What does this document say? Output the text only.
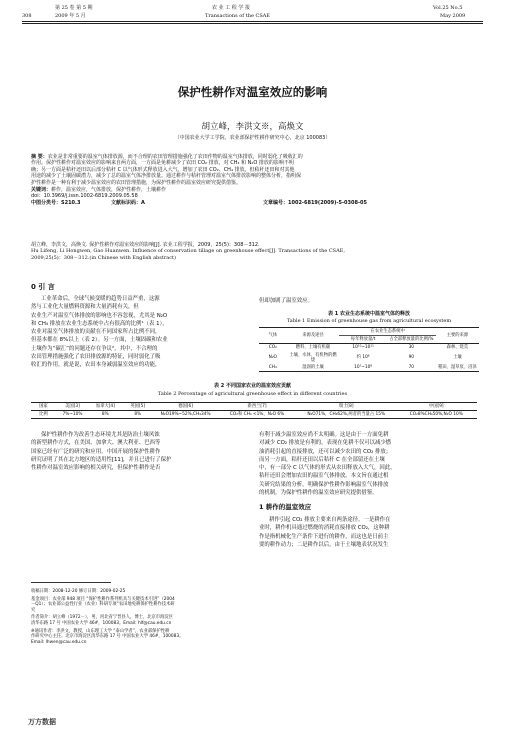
第 25 卷 第 5 期
308	2009 年 5 月
农 业 工 程 学 报
Transactions of the CSAE
Vol.25 No.5
May 2009
保护性耕作对温室效应的影响
胡立峰，李洪文※，高焕文
（中国农业大学工学院、农业部保护性耕作研究中心，北京 100083）
摘 要：农业是非常重要的温室气体排放源，而不合理的农田管理措施强化了农田作物的温室气体排放，同时弱化了吸收汇的
作用。保护性耕作对温室效应的影响来自两方面，一方面是免耕减少了农田 CO₂ 排放，对 CH₄ 和 N₂O 排放的影响不明
确；另一方面是秸秆还田以后部分秸秆 C 以气体形式释放进入大气，增加了农田 CO₂、CH₄ 排放。但秸秆还田和对其他
用途的减少了土壤固碳潜力，减少了总的温室气体净排放量。通过耕作与秸秆管理对温室气体排放影响的整体分析，指明保
护性耕作是一种有利于减少温室效应的农田管理措施，为保护性耕作的温室效应研究提供借鉴。
关键词：耕作，温室效应，气体排放，保护性耕作，土壤耕作
doi：10.3969/j.issn.1002-6819.2009.05.58
中图分类号：S210.3	文献标识码：A	文章编号：1002-6819(2009)-5-0308-05
胡立峰，李洪文，高焕文. 保护性耕作对温室效应的影响[J]. 农业工程学报，2009，25(5)：308－312.
Hu Lifeng, Li Hongwen, Gao Huanwen. Influence of conservation tillage on greenhouse effect[J]. Transactions of the CSAE,
2009,25(5)：308－312.(in Chinese with English abstract)
0 引 言
工业革命后，全球气候变暖的趋势日益严重，这源
然与工业化大量燃料资源和大量消耗有关，但
农业生产对温室气体排放的影响也不容忽视，尤其是 N₂O
和 CH₄ 排放在农业生态系统中占有很高的比例¹（表 1），
农业对温室气体排放的贡献在不同国家所占比例不同，
但基本都在 8%以上（表 2）。另一方面，土壤固碳和农业
土壤作为“碳汇”的问题还存在争议²，其中，不合理的
农田管理措施强化了农田排放源的特征，同时弱化了吸
收汇的作用。就是说，农田本身减弱温室效应的功能，
但却加剧了温室效应。
表 1 农业生态系统中温室气体的释放
Table 1 Emission of greenhouse gas from agricultural ecosystem
气体	来源及途径	在农业生态系统中		主要的来源
		每年释放量/t	占全部释放量的比例/%	
CO₂	燃料，土壤有机碳	10¹⁰~10¹¹	30	森林、烧荒
N₂O	土壤、水体、有机物的燃烧	约 10⁶	90	土壤
CH₄	湿润的土壤	10⁷~10⁸	70	稻田、湿草泵、沼泽
表 2 不同国家农业的温室效应贡献
Table 2 Percentage of agricultural greenhouse effect in different countries
国家	美国[3]	加拿大[4]	英国[5]	德国[6]	新西兰[7]	瑞士[8]	中国[9]
比例	7%~10%	8%	8%	N₂O19%~52%,CH₄34%	CO₂和 CH₄ <1%，N₂O 6%	N₂O71%，CH₄62%,两者的当量占 15%	CO₂8%CH₄50%,N₂O 10%
保护性耕作作为改善生态环境尤其是防治土壤风蚀
的新型耕作方式，在美国、加拿大、澳大利亚、巴西等
国家已经有广泛的研究和应用。中国开展的保护性耕作
研究证明了其在北方地区的适用性[11]，并且已进行了保护
性耕作对温室效应影响的相关研究，但保护性耕作是否
收稿日期：2008-12-20 修订日期：2009-02-25
基金项目：农业部 948 项目 “保护性耕作系列机具与关键技术引进”（2004
－Q1）；农业部公益性行业（农业）科研专项“农田地免耕保护性耕作技术研
究
作者简介：胡立峰（1972－），男，河北省宁晋县人，博士，北京市海淀区
清华东路 17 号 中国农业大学 46#，100083。Email: hlf@cau.edu.cn
※通讯作者：李洪文，教授，山东理工大学 “泰山学者”，农业部保护性耕
作研究中心主任。北京市海淀区清华东路 17 号 中国农业大学 46#，100083。
Email: lhwen@cau.edu.cn
有利于减少温室效应尚不太明确。这是由于一方面免耕
对减少 CO₂ 排放是有利的，表现在免耕不仅可以减少燃
油消耗引起的直接排放，还可以减少农田的 CO₂ 排放；
而另一方面，秸秆还田以后秸秆 C 在全部留还在土壤
中，有一部分 C 以气体的形式从农田释放入大气，因此，
秸秆还田会增加农田的温室气体排放。本文旨在通过相
关研究结果的分析，明确保护性耕作影响温室气体排放
的机制，为保护性耕作的温室效应研究提供借鉴。
1 耕作的温室效应
耕作引起 CO₂ 排放主要来自两条途径。一是耕作在
业时，耕作机具通过燃烧的消耗直接排放 CO₂，这种耕
作是指机械化生产条件下进行的耕作，而这也是日前主
要的耕作动力；二是耕作以后，由于土壤地表状况发生
万方数据
